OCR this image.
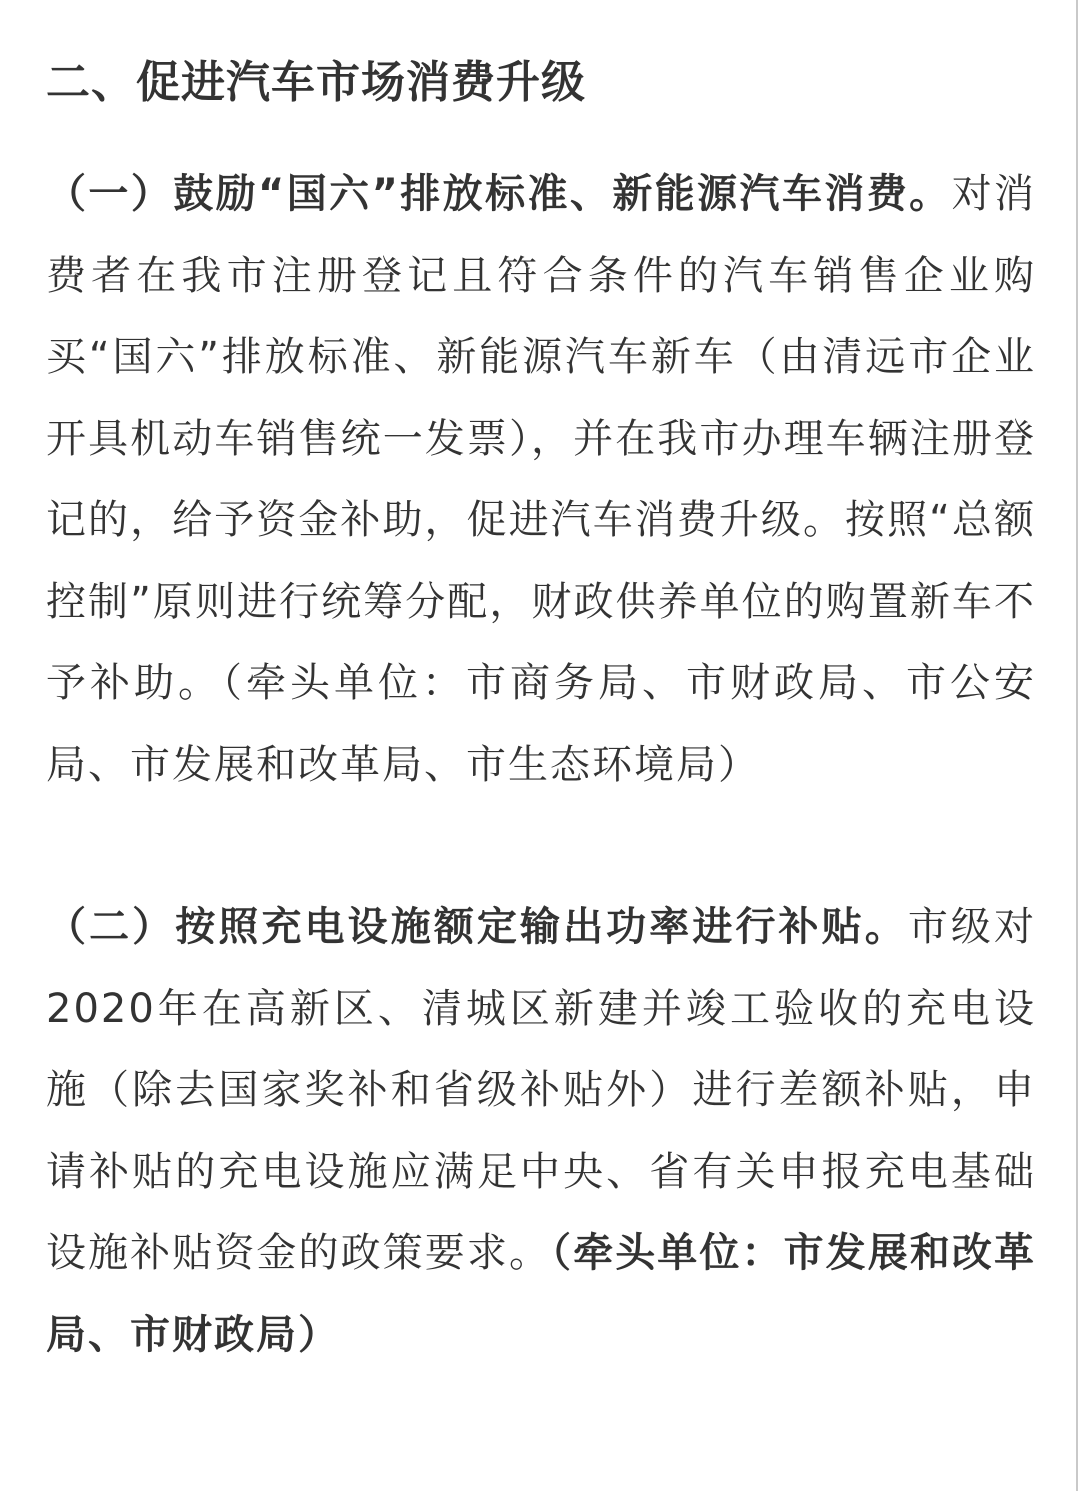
二、促进汽车市场消费升级

（一）鼓励“国六”排放标准、新能源汽车消费。对消费者在我市注册登记且符合条件的汽车销售企业购买“国六”排放标准、新能源汽车新车（由清远市企业开具机动车销售统一发票），并在我市办理车辆注册登记的，给予资金补助，促进汽车消费升级。按照“总额控制”原则进行统筹分配，财政供养单位的购置新车不予补助。（牵头单位：市商务局、市财政局、市公安局、市发展和改革局、市生态环境局）

（二）按照充电设施额定输出功率进行补贴。市级对2020年在高新区、清城区新建并竣工验收的充电设施（除去国家奖补和省级补贴外）进行差额补贴，申请补贴的充电设施应满足中央、省有关申报充电基础设施补贴资金的政策要求。（牵头单位：市发展和改革局、市财政局）
